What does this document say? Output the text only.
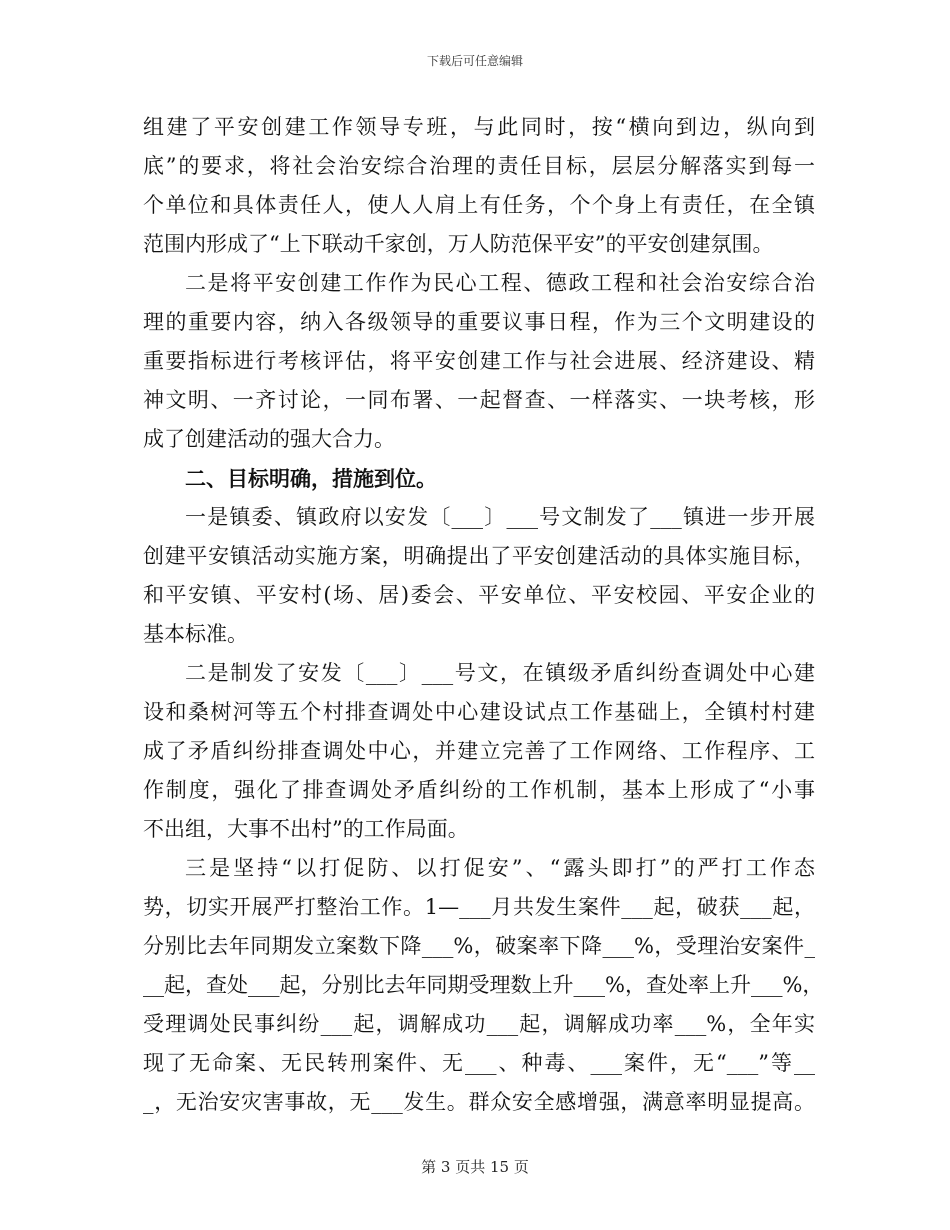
下载后可任意编辑
组建了平安创建工作领导专班，与此同时，按“横向到边，纵向到
底”的要求，将社会治安综合治理的责任目标，层层分解落实到每一
个单位和具体责任人，使人人肩上有任务，个个身上有责任，在全镇
范围内形成了“上下联动千家创，万人防范保平安”的平安创建氛围。
二是将平安创建工作作为民心工程、德政工程和社会治安综合治
理的重要内容，纳入各级领导的重要议事日程，作为三个文明建设的
重要指标进行考核评估，将平安创建工作与社会进展、经济建设、精
神文明、一齐讨论，一同布署、一起督查、一样落实、一块考核，形
成了创建活动的强大合力。
二、目标明确，措施到位。
一是镇委、镇政府以安发〔___〕___号文制发了___镇进一步开展
创建平安镇活动实施方案，明确提出了平安创建活动的具体实施目标，
和平安镇、平安村(场、居)委会、平安单位、平安校园、平安企业的
基本标准。
二是制发了安发〔___〕___号文，在镇级矛盾纠纷查调处中心建
设和桑树河等五个村排查调处中心建设试点工作基础上，全镇村村建
成了矛盾纠纷排查调处中心，并建立完善了工作网络、工作程序、工
作制度，强化了排查调处矛盾纠纷的工作机制，基本上形成了“小事
不出组，大事不出村”的工作局面。
三是坚持“以打促防、以打促安”、“露头即打”的严打工作态
势，切实开展严打整治工作。1—___月共发生案件___起，破获___起，
分别比去年同期发立案数下降___%，破案率下降___%，受理治安案件_
__起，查处___起，分别比去年同期受理数上升___%，查处率上升___%，
受理调处民事纠纷___起，调解成功___起，调解成功率___%，全年实
现了无命案、无民转刑案件、无___、种毒、___案件，无“___”等__
_，无治安灾害事故，无___发生。群众安全感增强，满意率明显提高。
第 3 页共 15 页
